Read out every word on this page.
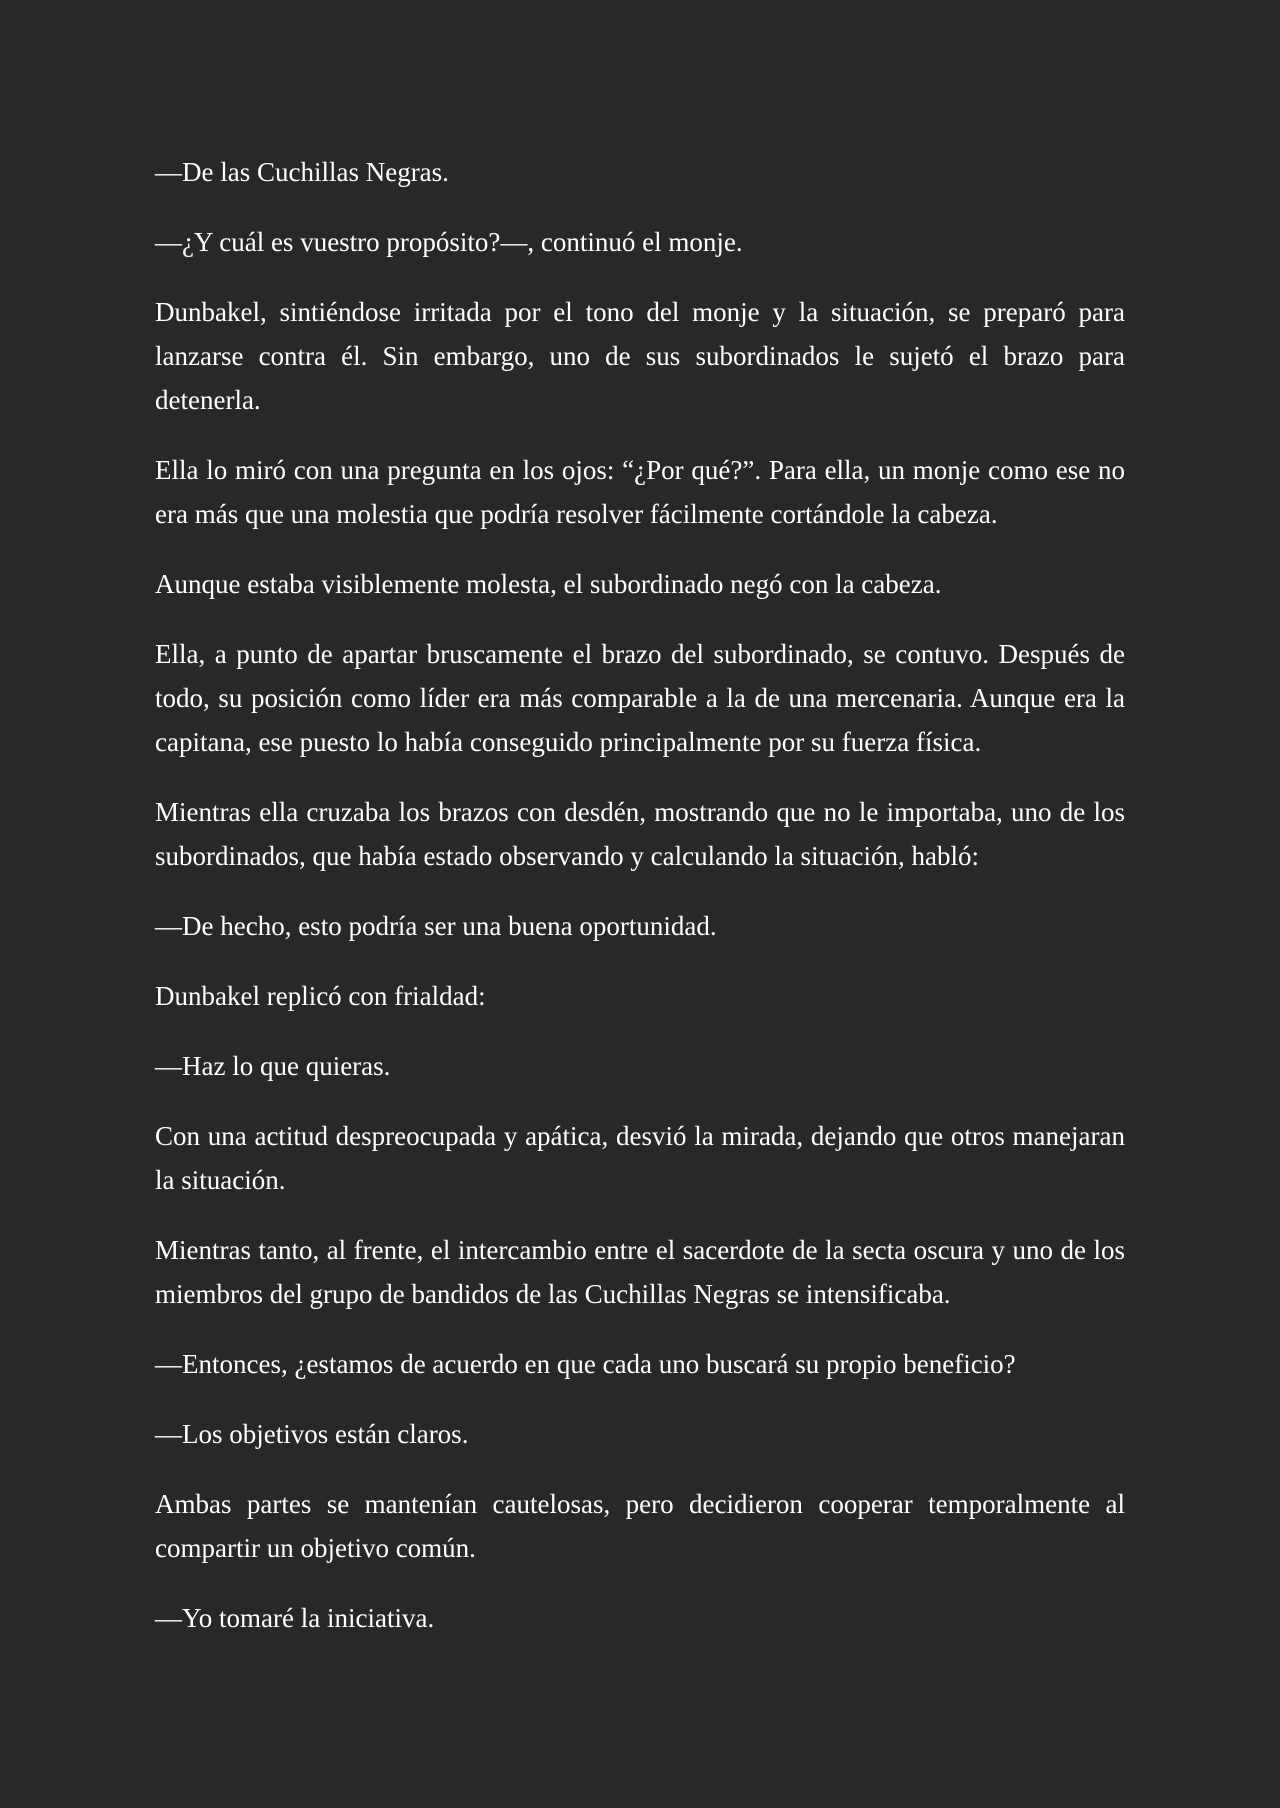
—De las Cuchillas Negras.

—¿Y cuál es vuestro propósito?—, continuó el monje.

Dunbakel, sintiéndose irritada por el tono del monje y la situación, se preparó para lanzarse contra él. Sin embargo, uno de sus subordinados le sujetó el brazo para detenerla.

Ella lo miró con una pregunta en los ojos: “¿Por qué?”. Para ella, un monje como ese no era más que una molestia que podría resolver fácilmente cortándole la cabeza.

Aunque estaba visiblemente molesta, el subordinado negó con la cabeza.

Ella, a punto de apartar bruscamente el brazo del subordinado, se contuvo. Después de todo, su posición como líder era más comparable a la de una mercenaria. Aunque era la capitana, ese puesto lo había conseguido principalmente por su fuerza física.

Mientras ella cruzaba los brazos con desdén, mostrando que no le importaba, uno de los subordinados, que había estado observando y calculando la situación, habló:

—De hecho, esto podría ser una buena oportunidad.

Dunbakel replicó con frialdad:

—Haz lo que quieras.

Con una actitud despreocupada y apática, desvió la mirada, dejando que otros manejaran la situación.

Mientras tanto, al frente, el intercambio entre el sacerdote de la secta oscura y uno de los miembros del grupo de bandidos de las Cuchillas Negras se intensificaba.

—Entonces, ¿estamos de acuerdo en que cada uno buscará su propio beneficio?

—Los objetivos están claros.

Ambas partes se mantenían cautelosas, pero decidieron cooperar temporalmente al compartir un objetivo común.

—Yo tomaré la iniciativa.
